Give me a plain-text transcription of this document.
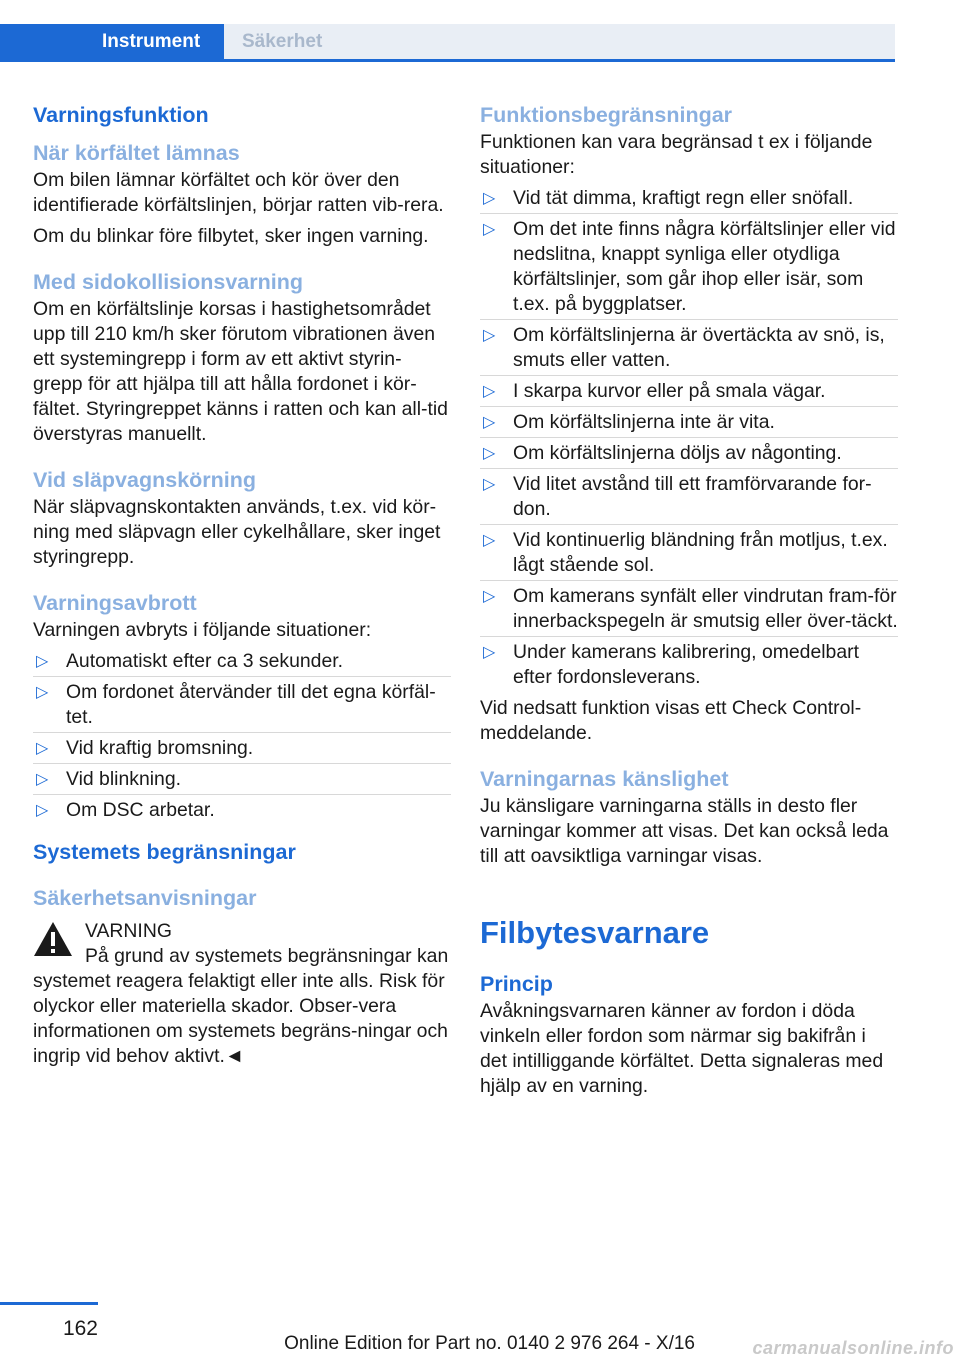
Instrument	Säkerhet
Varningsfunktion
När körfältet lämnas

Om bilen lämnar körfältet och kör över den identifierade körfältslinjen, börjar ratten vib-rera.

Om du blinkar före filbytet, sker ingen varning.

Med sidokollisionsvarning

Om en körfältslinje korsas i hastighetsområdet upp till 210 km/h sker förutom vibrationen även ett systemingrepp i form av ett aktivt styrin-grepp för att hjälpa till att hålla fordonet i kör-fältet. Styringreppet känns i ratten och kan all-tid överstyras manuellt.

Vid släpvagnskörning

När släpvagnskontakten används, t.ex. vid kör-ning med släpvagn eller cykelhållare, sker inget styringrepp.

Varningsavbrott

Varningen avbryts i följande situationer:

▷ Automatiskt efter ca 3 sekunder.
▷ Om fordonet återvänder till det egna körfäl-tet.
▷ Vid kraftig bromsning.
▷ Vid blinkning.
▷ Om DSC arbetar.
Systemets begränsningar
Säkerhetsanvisningar
VARNING
På grund av systemets begränsningar kan systemet reagera felaktigt eller inte alls. Risk för olyckor eller materiella skador. Obser-vera informationen om systemets begräns-ningar och ingrip vid behov aktivt.◄
Funktionsbegränsningar

Funktionen kan vara begränsad t ex i följande situationer:

▷ Vid tät dimma, kraftigt regn eller snöfall.
▷ Om det inte finns några körfältslinjer eller vid nedslitna, knappt synliga eller otydliga körfältslinjer, som går ihop eller isär, som t.ex. på byggplatser.
▷ Om körfältslinjerna är övertäckta av snö, is, smuts eller vatten.
▷ I skarpa kurvor eller på smala vägar.
▷ Om körfältslinjerna inte är vita.
▷ Om körfältslinjerna döljs av någonting.
▷ Vid litet avstånd till ett framförvarande for-don.
▷ Vid kontinuerlig bländning från motljus, t.ex. lågt stående sol.
▷ Om kamerans synfält eller vindrutan fram-för innerbackspegeln är smutsig eller över-täckt.
▷ Under kamerans kalibrering, omedelbart efter fordonsleverans.

Vid nedsatt funktion visas ett Check Control-meddelande.

Varningarnas känslighet

Ju känsligare varningarna ställs in desto fler varningar kommer att visas. Det kan också leda till att oavsiktliga varningar visas.

Filbytesvarnare
Princip

Avåkningsvarnaren känner av fordon i döda vinkeln eller fordon som närmar sig bakifrån i det intilliggande körfältet. Detta signaleras med hjälp av en varning.

162
Online Edition for Part no. 0140 2 976 264 - X/16	carmanualsonline.info
